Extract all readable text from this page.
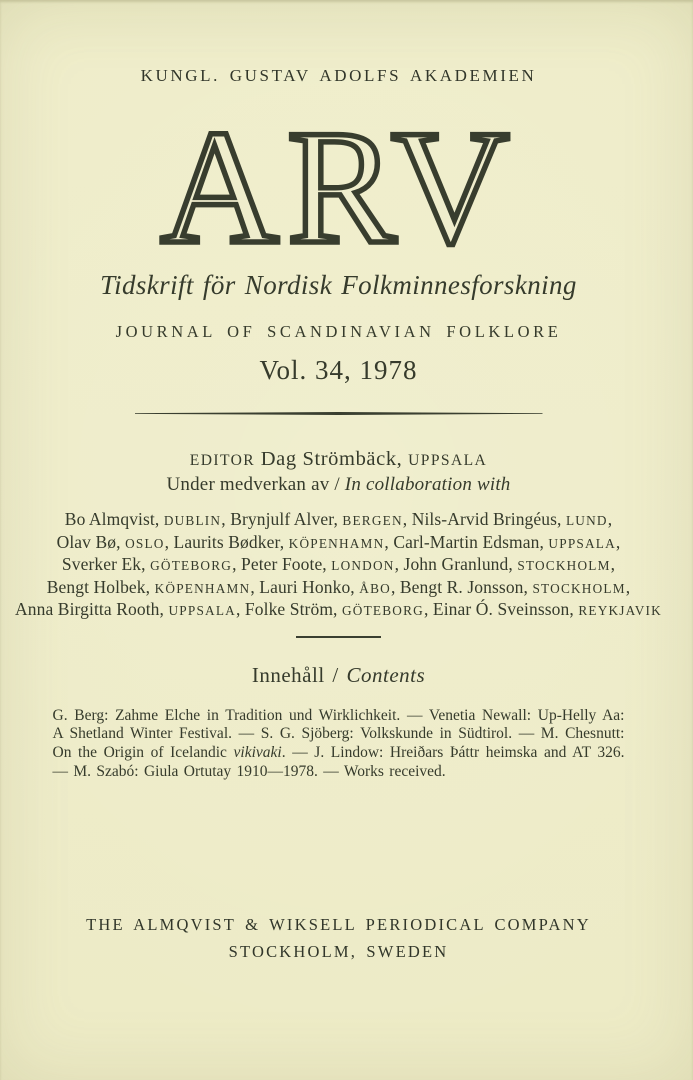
KUNGL. GUSTAV ADOLFS AKADEMIEN
ARV
Tidskrift för Nordisk Folkminnesforskning
JOURNAL OF SCANDINAVIAN FOLKLORE
Vol. 34, 1978
EDITOR Dag Strömbäck, UPPSALA
Under medverkan av / In collaboration with
Bo Almqvist, DUBLIN, Brynjulf Alver, BERGEN, Nils-Arvid Bringéus, LUND,
Olav Bø, OSLO, Laurits Bødker, KÖPENHAMN, Carl-Martin Edsman, UPPSALA,
Sverker Ek, GÖTEBORG, Peter Foote, LONDON, John Granlund, STOCKHOLM,
Bengt Holbek, KÖPENHAMN, Lauri Honko, ÅBO, Bengt R. Jonsson, STOCKHOLM,
Anna Birgitta Rooth, UPPSALA, Folke Ström, GÖTEBORG, Einar Ó. Sveinsson, REYKJAVIK
Innehåll / Contents

G. Berg: Zahme Elche in Tradition und Wirklichkeit. — Venetia Newall: Up-Helly Aa: A Shetland Winter Festival. — S. G. Sjöberg: Volkskunde in Südtirol. — M. Chesnutt: On the Origin of Icelandic vikivaki. — J. Lindow: Hreiðars Þáttr heimska and AT 326. — M. Szabó: Giula Ortutay 1910—1978. — Works received.

THE ALMQVIST & WIKSELL PERIODICAL COMPANY
STOCKHOLM, SWEDEN
